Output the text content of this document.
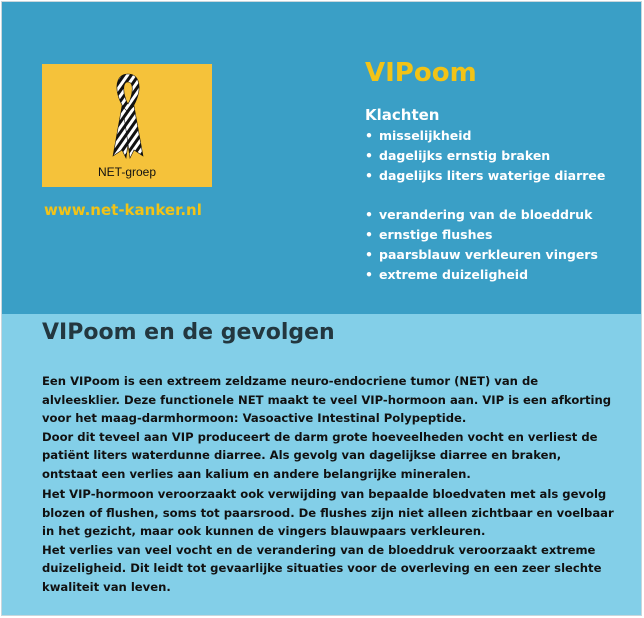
NET-groep
www.net-kanker.nl
VIPoom
Klachten
• misselijkheid
• dagelijks ernstig braken
• dagelijks liters waterige diarree
• verandering van de bloeddruk
• ernstige flushes
• paarsblauw verkleuren vingers
• extreme duizeligheid
VIPoom en de gevolgen

Een VIPoom is een extreem zeldzame neuro-endocriene tumor (NET) van de
alvleesklier. Deze functionele NET maakt te veel VIP-hormoon aan. VIP is een afkorting
voor het maag-darmhormoon: Vasoactive Intestinal Polypeptide.
Door dit teveel aan VIP produceert de darm grote hoeveelheden vocht en verliest de
patiënt liters waterdunne diarree. Als gevolg van dagelijkse diarree en braken,
ontstaat een verlies aan kalium en andere belangrijke mineralen.

Het VIP-hormoon veroorzaakt ook verwijding van bepaalde bloedvaten met als gevolg
blozen of flushen, soms tot paarsrood. De flushes zijn niet alleen zichtbaar en voelbaar
in het gezicht, maar ook kunnen de vingers blauwpaars verkleuren.
Het verlies van veel vocht en de verandering van de bloeddruk veroorzaakt extreme
duizeligheid. Dit leidt tot gevaarlijke situaties voor de overleving en een zeer slechte
kwaliteit van leven.
